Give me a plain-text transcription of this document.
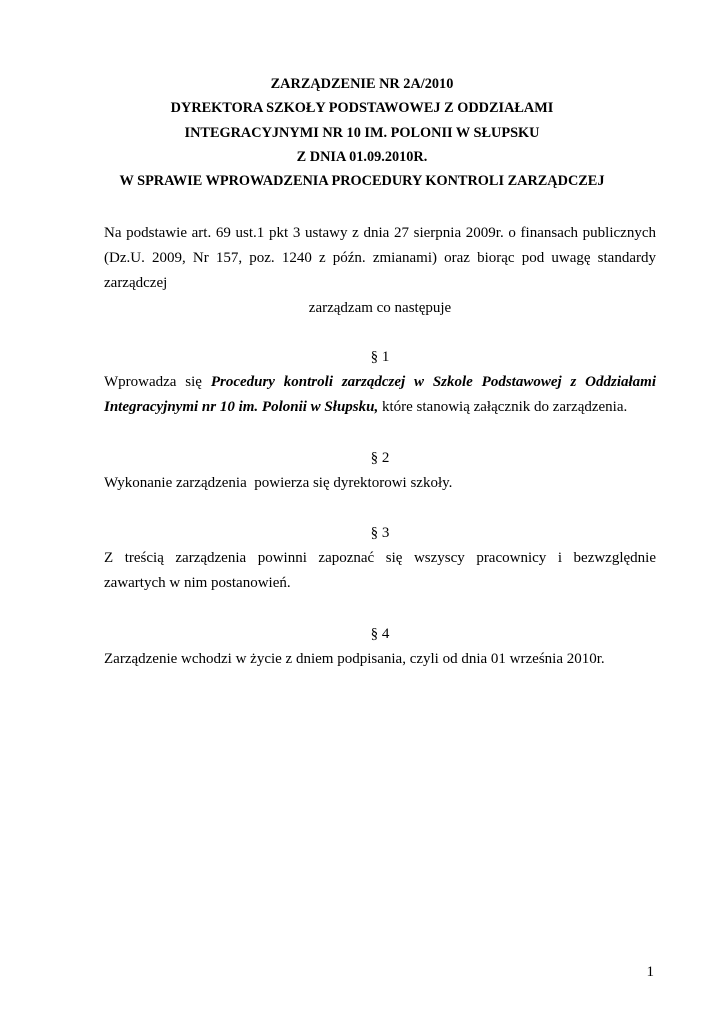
ZARZĄDZENIE NR 2A/2010
DYREKTORA SZKOŁY PODSTAWOWEJ Z ODDZIAŁAMI
INTEGRACYJNYMI NR 10 IM. POLONII W SŁUPSKU
Z DNIA 01.09.2010R.
W SPRAWIE WPROWADZENIA PROCEDURY KONTROLI ZARZĄDCZEJ
Na podstawie art. 69 ust.1 pkt 3 ustawy z dnia 27 sierpnia 2009r. o finansach publicznych
(Dz.U. 2009, Nr 157, poz. 1240 z późn. zmianami) oraz biorąc pod uwagę standardy
zarządczej
zarządzam co następuje
§ 1
Wprowadza się Procedury kontroli zarządczej w Szkole Podstawowej z Oddziałami
Integracyjnymi nr 10 im. Polonii w Słupsku, które stanowią załącznik do zarządzenia.
§ 2
Wykonanie zarządzenia  powierza się dyrektorowi szkoły.
§ 3
Z treścią zarządzenia powinni zapoznać się wszyscy pracownicy i bezwzględnie
zawartych w nim postanowień.
§ 4
Zarządzenie wchodzi w życie z dniem podpisania, czyli od dnia 01 września 2010r.
1
